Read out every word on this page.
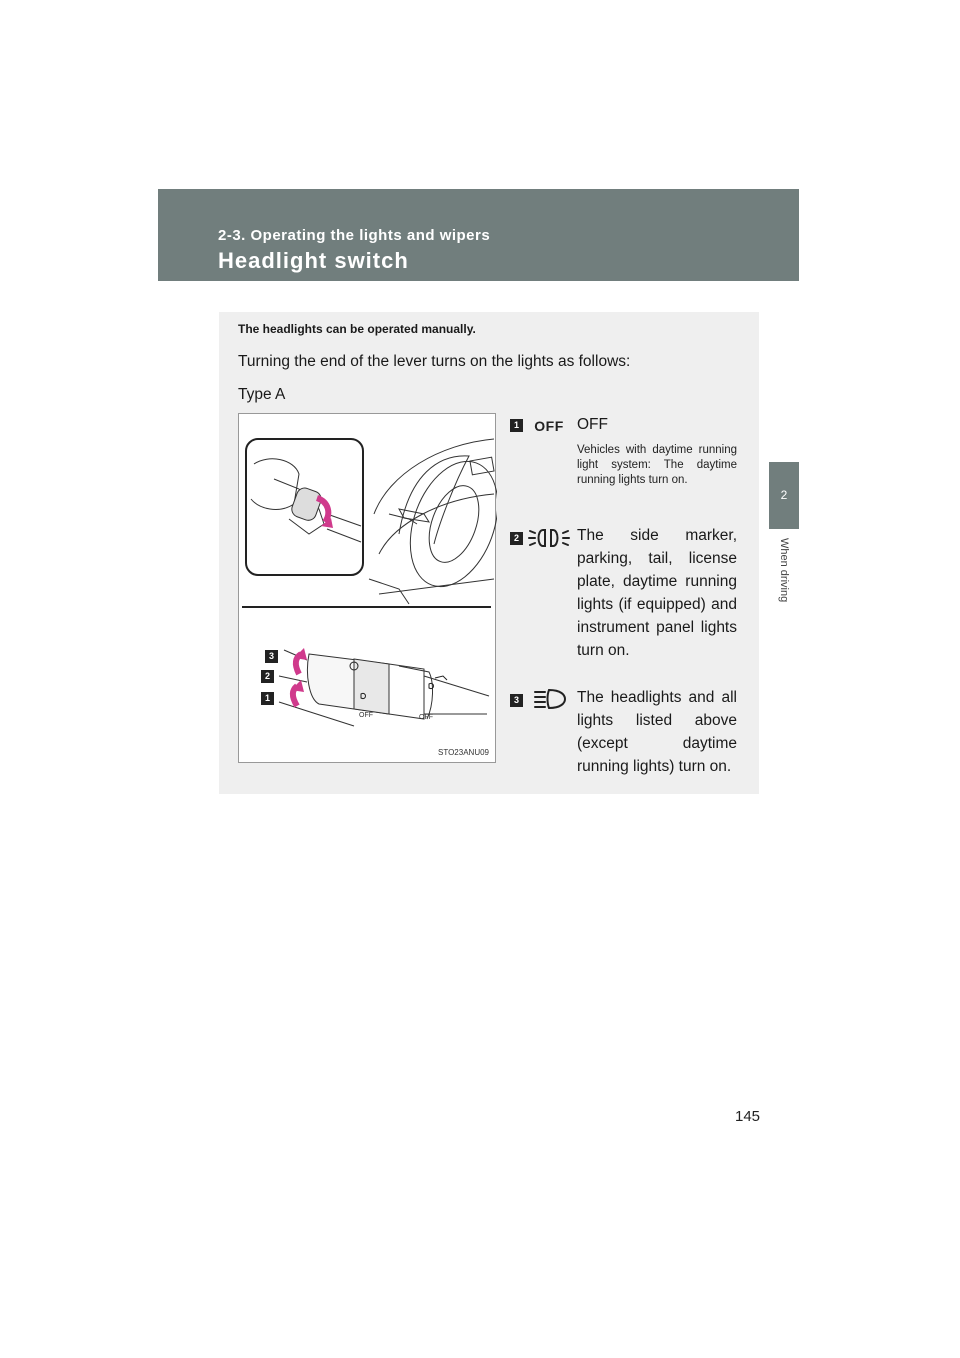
2-3. Operating the lights and wipers
Headlight switch
2
When driving
The headlights can be operated manually.
Turning the end of the lever turns on the lights as follows:
Type A
OFF	OFF
3
2
1
STO23ANU09
1	OFF OFF
Vehicles with daytime running light system: The daytime running lights turn on.
2	The side marker, parking, tail, license plate, daytime running lights (if equipped) and instrument panel lights turn on.
3	The headlights and all lights listed above (except daytime running lights) turn on.
145
